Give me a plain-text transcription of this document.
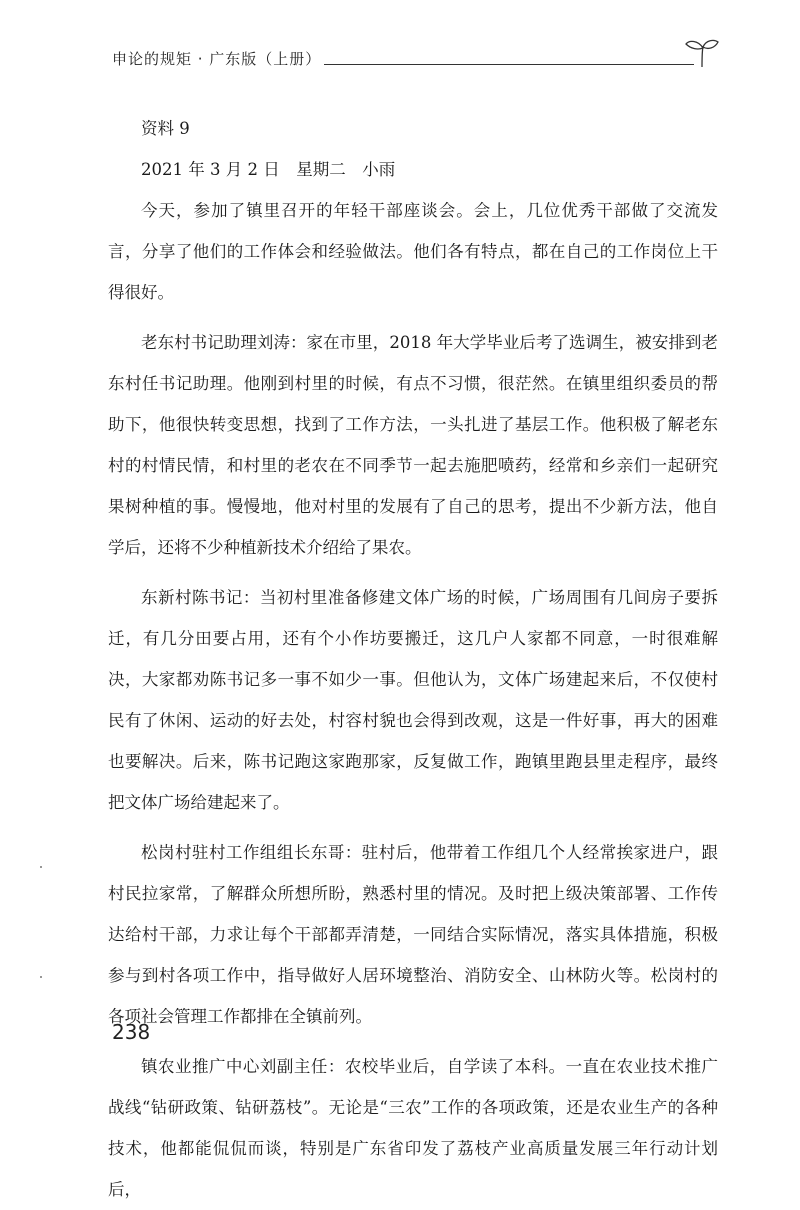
申论的规矩 · 广东版（上册）

资料 9

2021 年 3 月 2 日　星期二　小雨

今天，参加了镇里召开的年轻干部座谈会。会上，几位优秀干部做了交流发言，分享了他们的工作体会和经验做法。他们各有特点，都在自己的工作岗位上干得很好。

老东村书记助理刘涛：家在市里，2018 年大学毕业后考了选调生，被安排到老东村任书记助理。他刚到村里的时候，有点不习惯，很茫然。在镇里组织委员的帮助下，他很快转变思想，找到了工作方法，一头扎进了基层工作。他积极了解老东村的村情民情，和村里的老农在不同季节一起去施肥喷药，经常和乡亲们一起研究果树种植的事。慢慢地，他对村里的发展有了自己的思考，提出不少新方法，他自学后，还将不少种植新技术介绍给了果农。

东新村陈书记：当初村里准备修建文体广场的时候，广场周围有几间房子要拆迁，有几分田要占用，还有个小作坊要搬迁，这几户人家都不同意，一时很难解决，大家都劝陈书记多一事不如少一事。但他认为，文体广场建起来后，不仅使村民有了休闲、运动的好去处，村容村貌也会得到改观，这是一件好事，再大的困难也要解决。后来，陈书记跑这家跑那家，反复做工作，跑镇里跑县里走程序，最终把文体广场给建起来了。

松岗村驻村工作组组长东哥：驻村后，他带着工作组几个人经常挨家进户，跟村民拉家常，了解群众所想所盼，熟悉村里的情况。及时把上级决策部署、工作传达给村干部，力求让每个干部都弄清楚，一同结合实际情况，落实具体措施，积极参与到村各项工作中，指导做好人居环境整治、消防安全、山林防火等。松岗村的各项社会管理工作都排在全镇前列。

镇农业推广中心刘副主任：农校毕业后，自学读了本科。一直在农业技术推广战线“钻研政策、钻研荔枝”。无论是“三农”工作的各项政策，还是农业生产的各种技术，他都能侃侃而谈，特别是广东省印发了荔枝产业高质量发展三年行动计划后，

238
